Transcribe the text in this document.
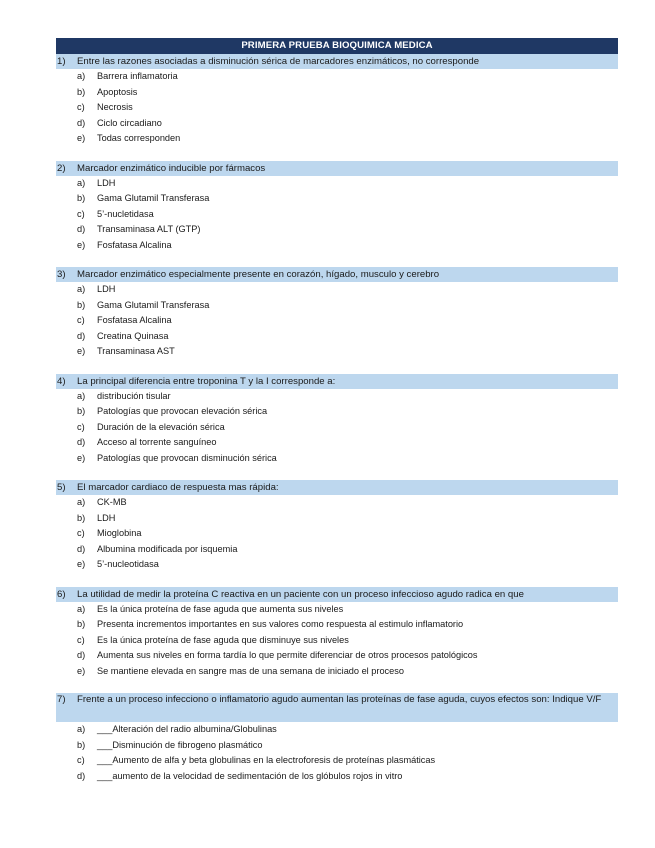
PRIMERA PRUEBA BIOQUIMICA MEDICA
1)	Entre las razones asociadas a disminución sérica de marcadores enzimáticos, no corresponde
a)	Barrera inflamatoria
b)	Apoptosis
c)	Necrosis
d)	Ciclo circadiano
e)	Todas corresponden
2)	Marcador enzimático inducible por fármacos
a)	LDH
b)	Gama Glutamil Transferasa
c)	5’-nucletidasa
d)	Transaminasa ALT (GTP)
e)	Fosfatasa Alcalina
3)	Marcador enzimático especialmente presente en corazón, hígado, musculo y cerebro
a)	LDH
b)	Gama Glutamil Transferasa
c)	Fosfatasa Alcalina
d)	Creatina Quinasa
e)	Transaminasa AST
4)	La principal diferencia entre troponina T y la I corresponde a:
a)	distribución tisular
b)	Patologías que provocan elevación sérica
c)	Duración de la elevación sérica
d)	Acceso al torrente sanguíneo
e)	Patologías que provocan disminución sérica
5)	El marcador cardiaco de respuesta mas rápida:
a)	CK-MB
b)	LDH
c)	Mioglobina
d)	Albumina modificada por isquemia
e)	5’-nucleotidasa
6)	La utilidad de medir la proteína C reactiva en un paciente con un proceso infeccioso agudo radica en que
a)	Es la única proteína de fase aguda que aumenta sus niveles
b)	Presenta incrementos importantes en sus valores como respuesta al estimulo inflamatorio
c)	Es la única proteína de fase aguda que disminuye sus niveles
d)	Aumenta sus niveles en forma tardía lo que permite diferenciar de otros procesos patológicos
e)	Se mantiene elevada en sangre mas de una semana de iniciado el proceso
7)	Frente a un proceso infecciono o inflamatorio agudo aumentan las proteínas de fase aguda, cuyos efectos son: Indique V/F
a)	___Alteración del radio albumina/Globulinas
b)	___Disminución de fibrogeno plasmático
c)	___Aumento de alfa y beta globulinas en la electroforesis de proteínas plasmáticas
d)	___aumento de la velocidad de sedimentación de los glóbulos rojos in vitro
